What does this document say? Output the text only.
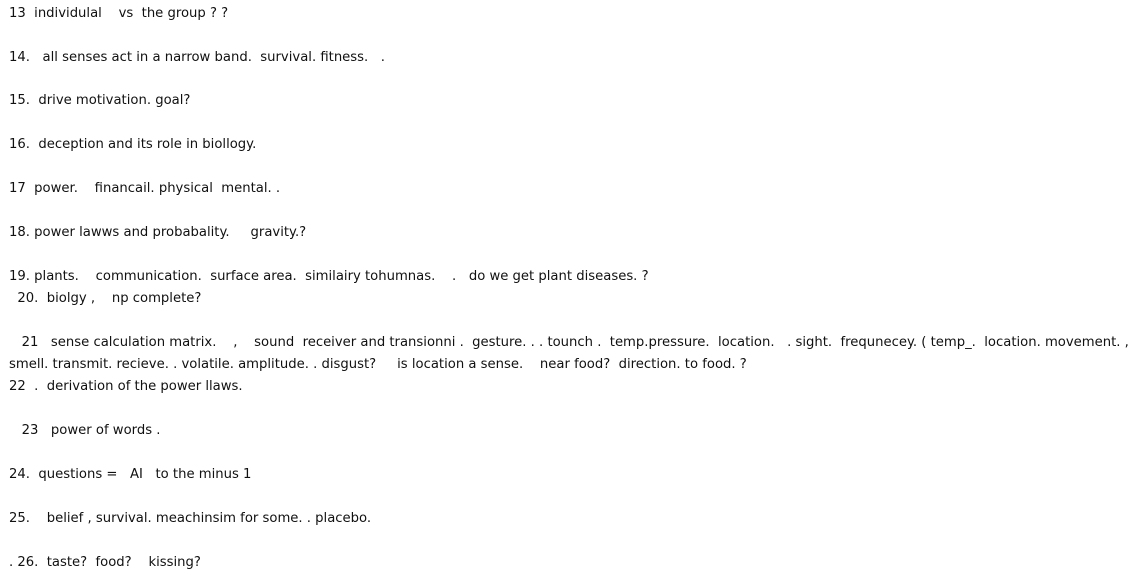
13  individulal    vs  the group ? ?
14.   all senses act in a narrow band.  survival. fitness.   .
15.  drive motivation. goal?
16.  deception and its role in biollogy.
17  power.    financail. physical  mental. .
18. power lawws and probabality.     gravity.?
19. plants.    communication.  surface area.  similairy tohumnas.    .   do we get plant diseases. ?
20.  biolgy ,    np complete?
21   sense calculation matrix.    ,    sound  receiver and transionni .  gesture. . . tounch .  temp.pressure.  location.   . sight.  frequnecey. ( temp_.  location. movement. ,
smell. transmit. recieve. . volatile. amplitude. . disgust?     is location a sense.    near food?  direction. to food. ?
22  .  derivation of the power llaws.
23   power of words .
24.  questions =   AI   to the minus 1
25.    belief , survival. meachinsim for some. . placebo.
. 26.  taste?  food?    kissing?
